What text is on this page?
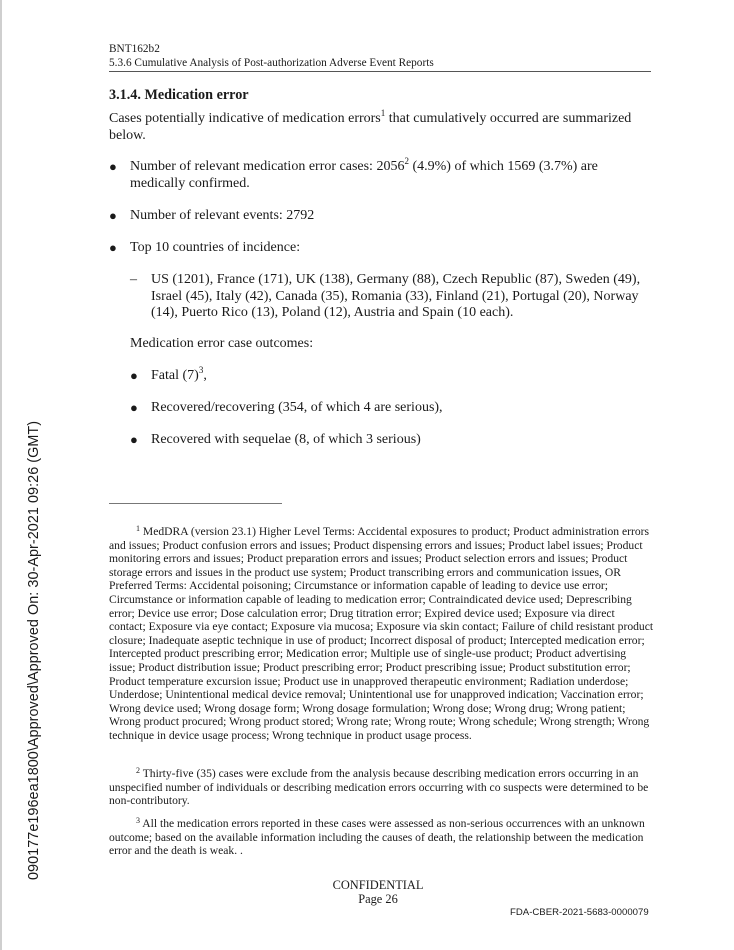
090177e196ea1800\Approved\Approved On: 30-Apr-2021 09:26 (GMT)
BNT162b2
5.3.6 Cumulative Analysis of Post-authorization Adverse Event Reports
3.1.4. Medication error
Cases potentially indicative of medication errors$^1$ that cumulatively occurred are summarized below.
● Number of relevant medication error cases: 2056$^2$ (4.9%) of which 1569 (3.7%) are medically confirmed.
● Number of relevant events: 2792
● Top 10 countries of incidence:
– US (1201), France (171), UK (138), Germany (88), Czech Republic (87), Sweden (49), Israel (45), Italy (42), Canada (35), Romania (33), Finland (21), Portugal (20), Norway (14), Puerto Rico (13), Poland (12), Austria and Spain (10 each).
Medication error case outcomes:
● Fatal $(7)^3$,
● Recovered/recovering (354, of which 4 are serious),
● Recovered with sequelae (8, of which 3 serious)
$^1$ MedDRA (version 23.1) Higher Level Terms: Accidental exposures to product; Product administration errors and issues; Product confusion errors and issues; Product dispensing errors and issues; Product label issues; Product monitoring errors and issues; Product preparation errors and issues; Product selection errors and issues; Product storage errors and issues in the product use system; Product transcribing errors and communication issues, OR Preferred Terms: Accidental poisoning; Circumstance or information capable of leading to device use error; Circumstance or information capable of leading to medication error; Contraindicated device used; Deprescribing error; Device use error; Dose calculation error; Drug titration error; Expired device used; Exposure via direct contact; Exposure via eye contact; Exposure via mucosa; Exposure via skin contact; Failure of child resistant product closure; Inadequate aseptic technique in use of product; Incorrect disposal of product; Intercepted medication error; Intercepted product prescribing error; Medication error; Multiple use of single-use product; Product advertising issue; Product distribution issue; Product prescribing error; Product prescribing issue; Product substitution error; Product temperature excursion issue; Product use in unapproved therapeutic environment; Radiation underdose; Underdose; Unintentional medical device removal; Unintentional use for unapproved indication; Vaccination error; Wrong device used; Wrong dosage form; Wrong dosage formulation; Wrong dose; Wrong drug; Wrong patient; Wrong product procured; Wrong product stored; Wrong rate; Wrong route; Wrong schedule; Wrong strength; Wrong technique in device usage process; Wrong technique in product usage process.
$^2$ Thirty-five (35) cases were exclude from the analysis because describing medication errors occurring in an unspecified number of individuals or describing medication errors occurring with co suspects were determined to be non-contributory.
$^3$ All the medication errors reported in these cases were assessed as non-serious occurrences with an unknown outcome; based on the available information including the causes of death, the relationship between the medication error and the death is weak. .
CONFIDENTIAL
Page 26
FDA-CBER-2021-5683-0000079
